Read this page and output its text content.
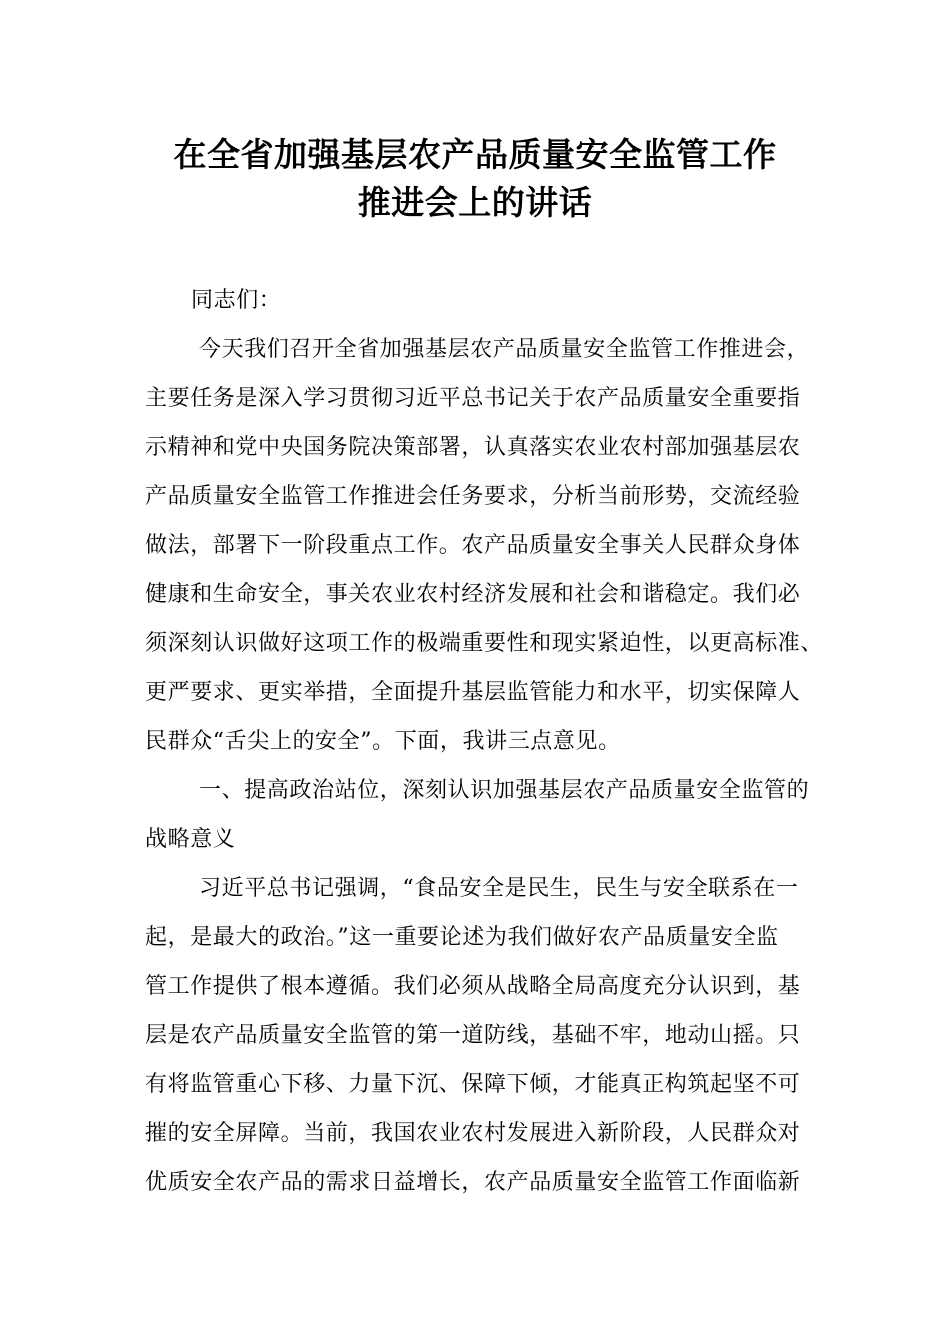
在全省加强基层农产品质量安全监管工作
推进会上的讲话
同志们：
今天我们召开全省加强基层农产品质量安全监管工作推进会，
主要任务是深入学习贯彻习近平总书记关于农产品质量安全重要指
示精神和党中央国务院决策部署，认真落实农业农村部加强基层农
产品质量安全监管工作推进会任务要求，分析当前形势，交流经验
做法，部署下一阶段重点工作。农产品质量安全事关人民群众身体
健康和生命安全，事关农业农村经济发展和社会和谐稳定。我们必
须深刻认识做好这项工作的极端重要性和现实紧迫性，以更高标准、
更严要求、更实举措，全面提升基层监管能力和水平，切实保障人
民群众“舌尖上的安全”。下面，我讲三点意见。
一、提高政治站位，深刻认识加强基层农产品质量安全监管的
战略意义
习近平总书记强调，“食品安全是民生，民生与安全联系在一
起，是最大的政治。”这一重要论述为我们做好农产品质量安全监
管工作提供了根本遵循。我们必须从战略全局高度充分认识到，基
层是农产品质量安全监管的第一道防线，基础不牢，地动山摇。只
有将监管重心下移、力量下沉、保障下倾，才能真正构筑起坚不可
摧的安全屏障。当前，我国农业农村发展进入新阶段，人民群众对
优质安全农产品的需求日益增长，农产品质量安全监管工作面临新
